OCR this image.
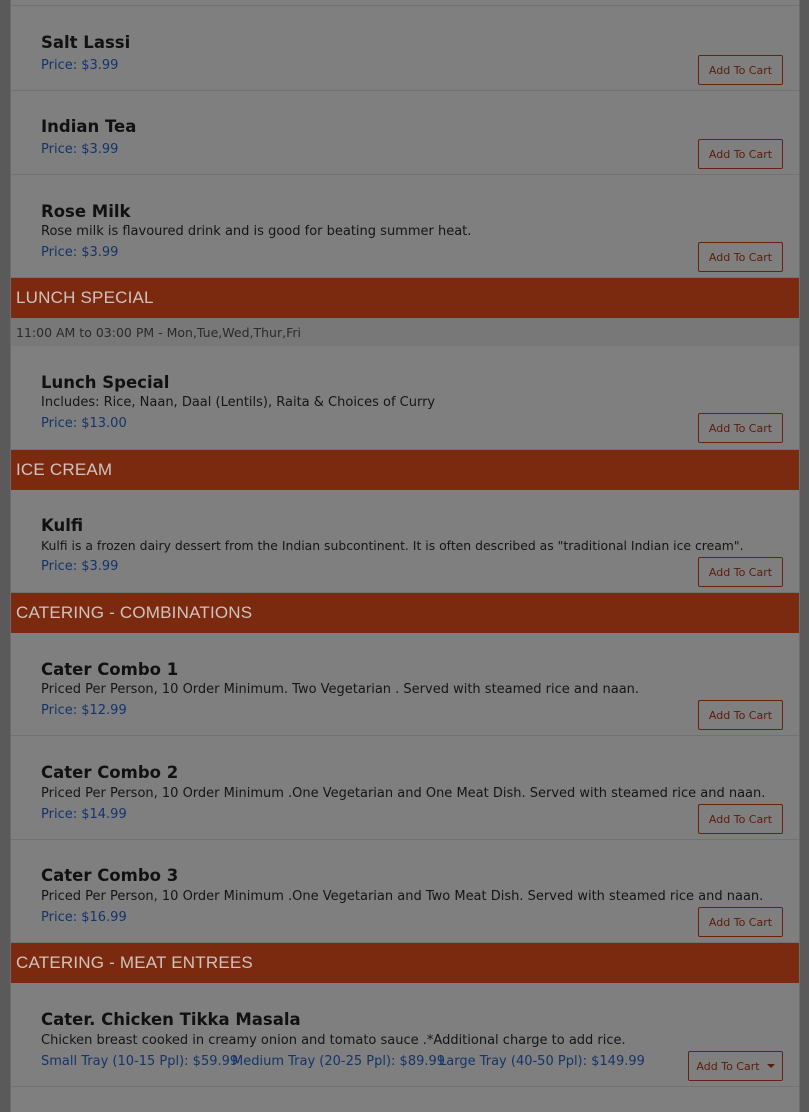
Salt Lassi
Price: $3.99	Add To Cart
Indian Tea
Price: $3.99	Add To Cart
Rose Milk
Rose milk is flavoured drink and is good for beating summer heat.
Price: $3.99	Add To Cart
LUNCH SPECIAL
11:00 AM to 03:00 PM - Mon,Tue,Wed,Thur,Fri
Lunch Special
Includes: Rice, Naan, Daal (Lentils), Raita & Choices of Curry
Price: $13.00	Add To Cart
ICE CREAM
Kulfi
Kulfi is a frozen dairy dessert from the Indian subcontinent. It is often described as "traditional Indian ice cream".
Price: $3.99	Add To Cart
CATERING - COMBINATIONS
Cater Combo 1
Priced Per Person, 10 Order Minimum. Two Vegetarian . Served with steamed rice and naan.
Price: $12.99	Add To Cart
Cater Combo 2
Priced Per Person, 10 Order Minimum .One Vegetarian and One Meat Dish. Served with steamed rice and naan.
Price: $14.99	Add To Cart
Cater Combo 3
Priced Per Person, 10 Order Minimum .One Vegetarian and Two Meat Dish. Served with steamed rice and naan.
Price: $16.99	Add To Cart
CATERING - MEAT ENTREES
Cater. Chicken Tikka Masala
Chicken breast cooked in creamy onion and tomato sauce .*Additional charge to add rice.
Small Tray (10-15 Ppl): $59.99
Medium Tray (20-25 Ppl): $89.99
Large Tray (40-50 Ppl): $149.99	Add To Cart
